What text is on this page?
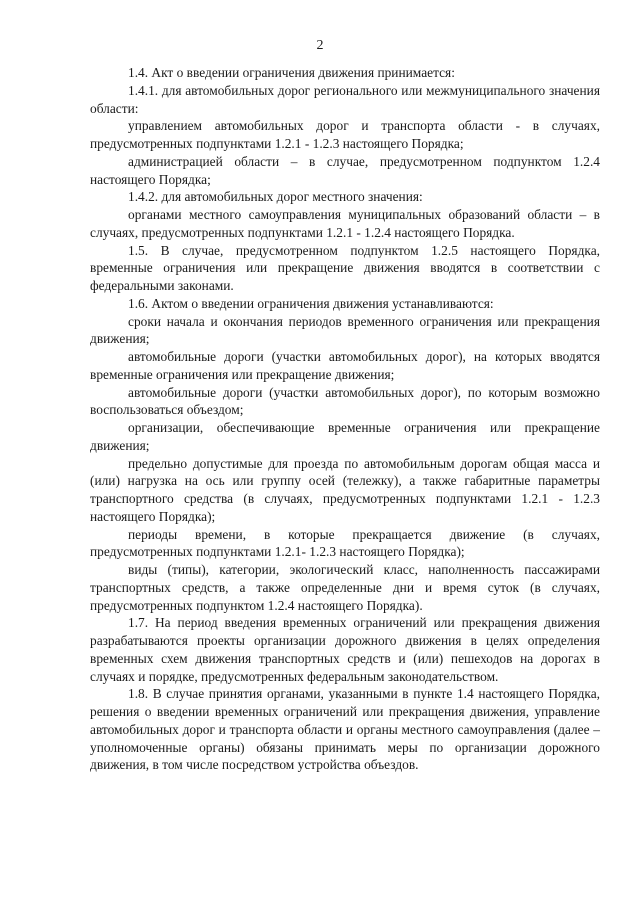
2

1.4. Акт о введении ограничения движения принимается:

1.4.1. для автомобильных дорог регионального или межмуниципального значения области:

управлением автомобильных дорог и транспорта области - в случаях, предусмотренных подпунктами 1.2.1 - 1.2.3 настоящего Порядка;

администрацией области – в случае, предусмотренном подпунктом 1.2.4 настоящего Порядка;

1.4.2. для автомобильных дорог местного значения:

органами местного самоуправления муниципальных образований области – в случаях, предусмотренных подпунктами 1.2.1 - 1.2.4 настоящего Порядка.

1.5. В случае, предусмотренном подпунктом 1.2.5 настоящего Порядка, временные ограничения или прекращение движения вводятся в соответствии с федеральными законами.

1.6. Актом о введении ограничения движения устанавливаются:

сроки начала и окончания периодов временного ограничения или прекращения движения;

автомобильные дороги (участки автомобильных дорог), на которых вводятся временные ограничения или прекращение движения;

автомобильные дороги (участки автомобильных дорог), по которым возможно воспользоваться объездом;

организации, обеспечивающие временные ограничения или прекращение движения;

предельно допустимые для проезда по автомобильным дорогам общая масса и (или) нагрузка на ось или группу осей (тележку), а также габаритные параметры транспортного средства (в случаях, предусмотренных подпунктами 1.2.1 - 1.2.3 настоящего Порядка);

периоды времени, в которые прекращается движение (в случаях, предусмотренных подпунктами 1.2.1- 1.2.3 настоящего Порядка);

виды (типы), категории, экологический класс, наполненность пассажирами транспортных средств, а также определенные дни и время суток (в случаях, предусмотренных подпунктом 1.2.4 настоящего Порядка).

1.7. На период введения временных ограничений или прекращения движения разрабатываются проекты организации дорожного движения в целях определения временных схем движения транспортных средств и (или) пешеходов на дорогах в случаях и порядке, предусмотренных федеральным законодательством.

1.8. В случае принятия органами, указанными в пункте 1.4 настоящего Порядка, решения о введении временных ограничений или прекращения движения, управление автомобильных дорог и транспорта области и органы местного самоуправления (далее – уполномоченные органы) обязаны принимать меры по организации дорожного движения, в том числе посредством устройства объездов.
